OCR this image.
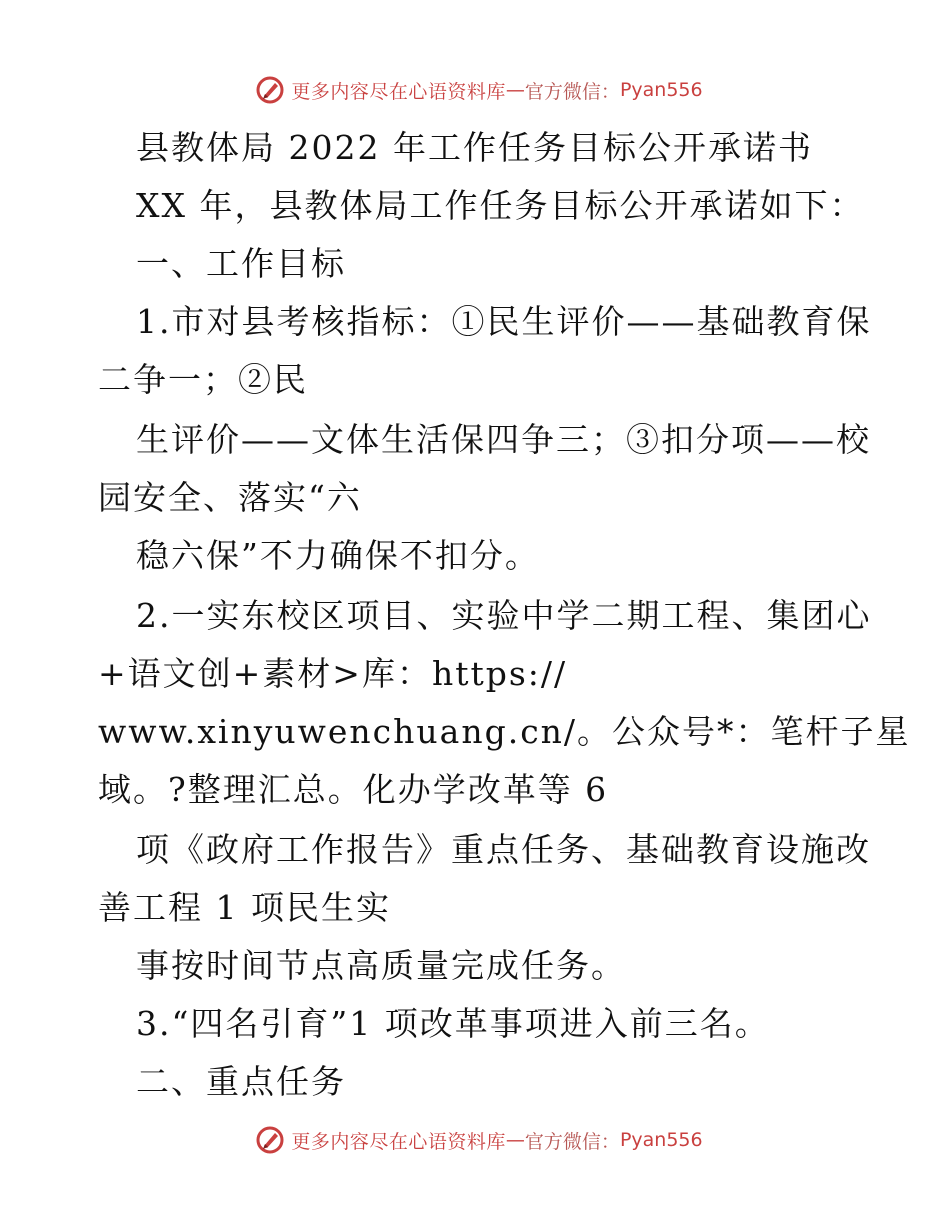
更多内容尽在心语资料库 — 官方微信： Pyan556
县教体局 2022 年工作任务目标公开承诺书
XX 年，县教体局工作任务目标公开承诺如下：
一、工作目标
1.市对县考核指标：①民生评价——基础教育保
二争一；②民
生评价——文体生活保四争三；③扣分项——校
园安全、落实“六
稳六保”不力确保不扣分。
2.一实东校区项目、实验中学二期工程、集团心
+语文创+素材>库：https://
www.xinyuwenchuang.cn/。公众号*：笔杆子星
域。?整理汇总。化办学改革等 6
项《政府工作报告》重点任务、基础教育设施改
善工程 1 项民生实
事按时间节点高质量完成任务。
3.“四名引育”1 项改革事项进入前三名。
二、重点任务
更多内容尽在心语资料库 — 官方微信： Pyan556
